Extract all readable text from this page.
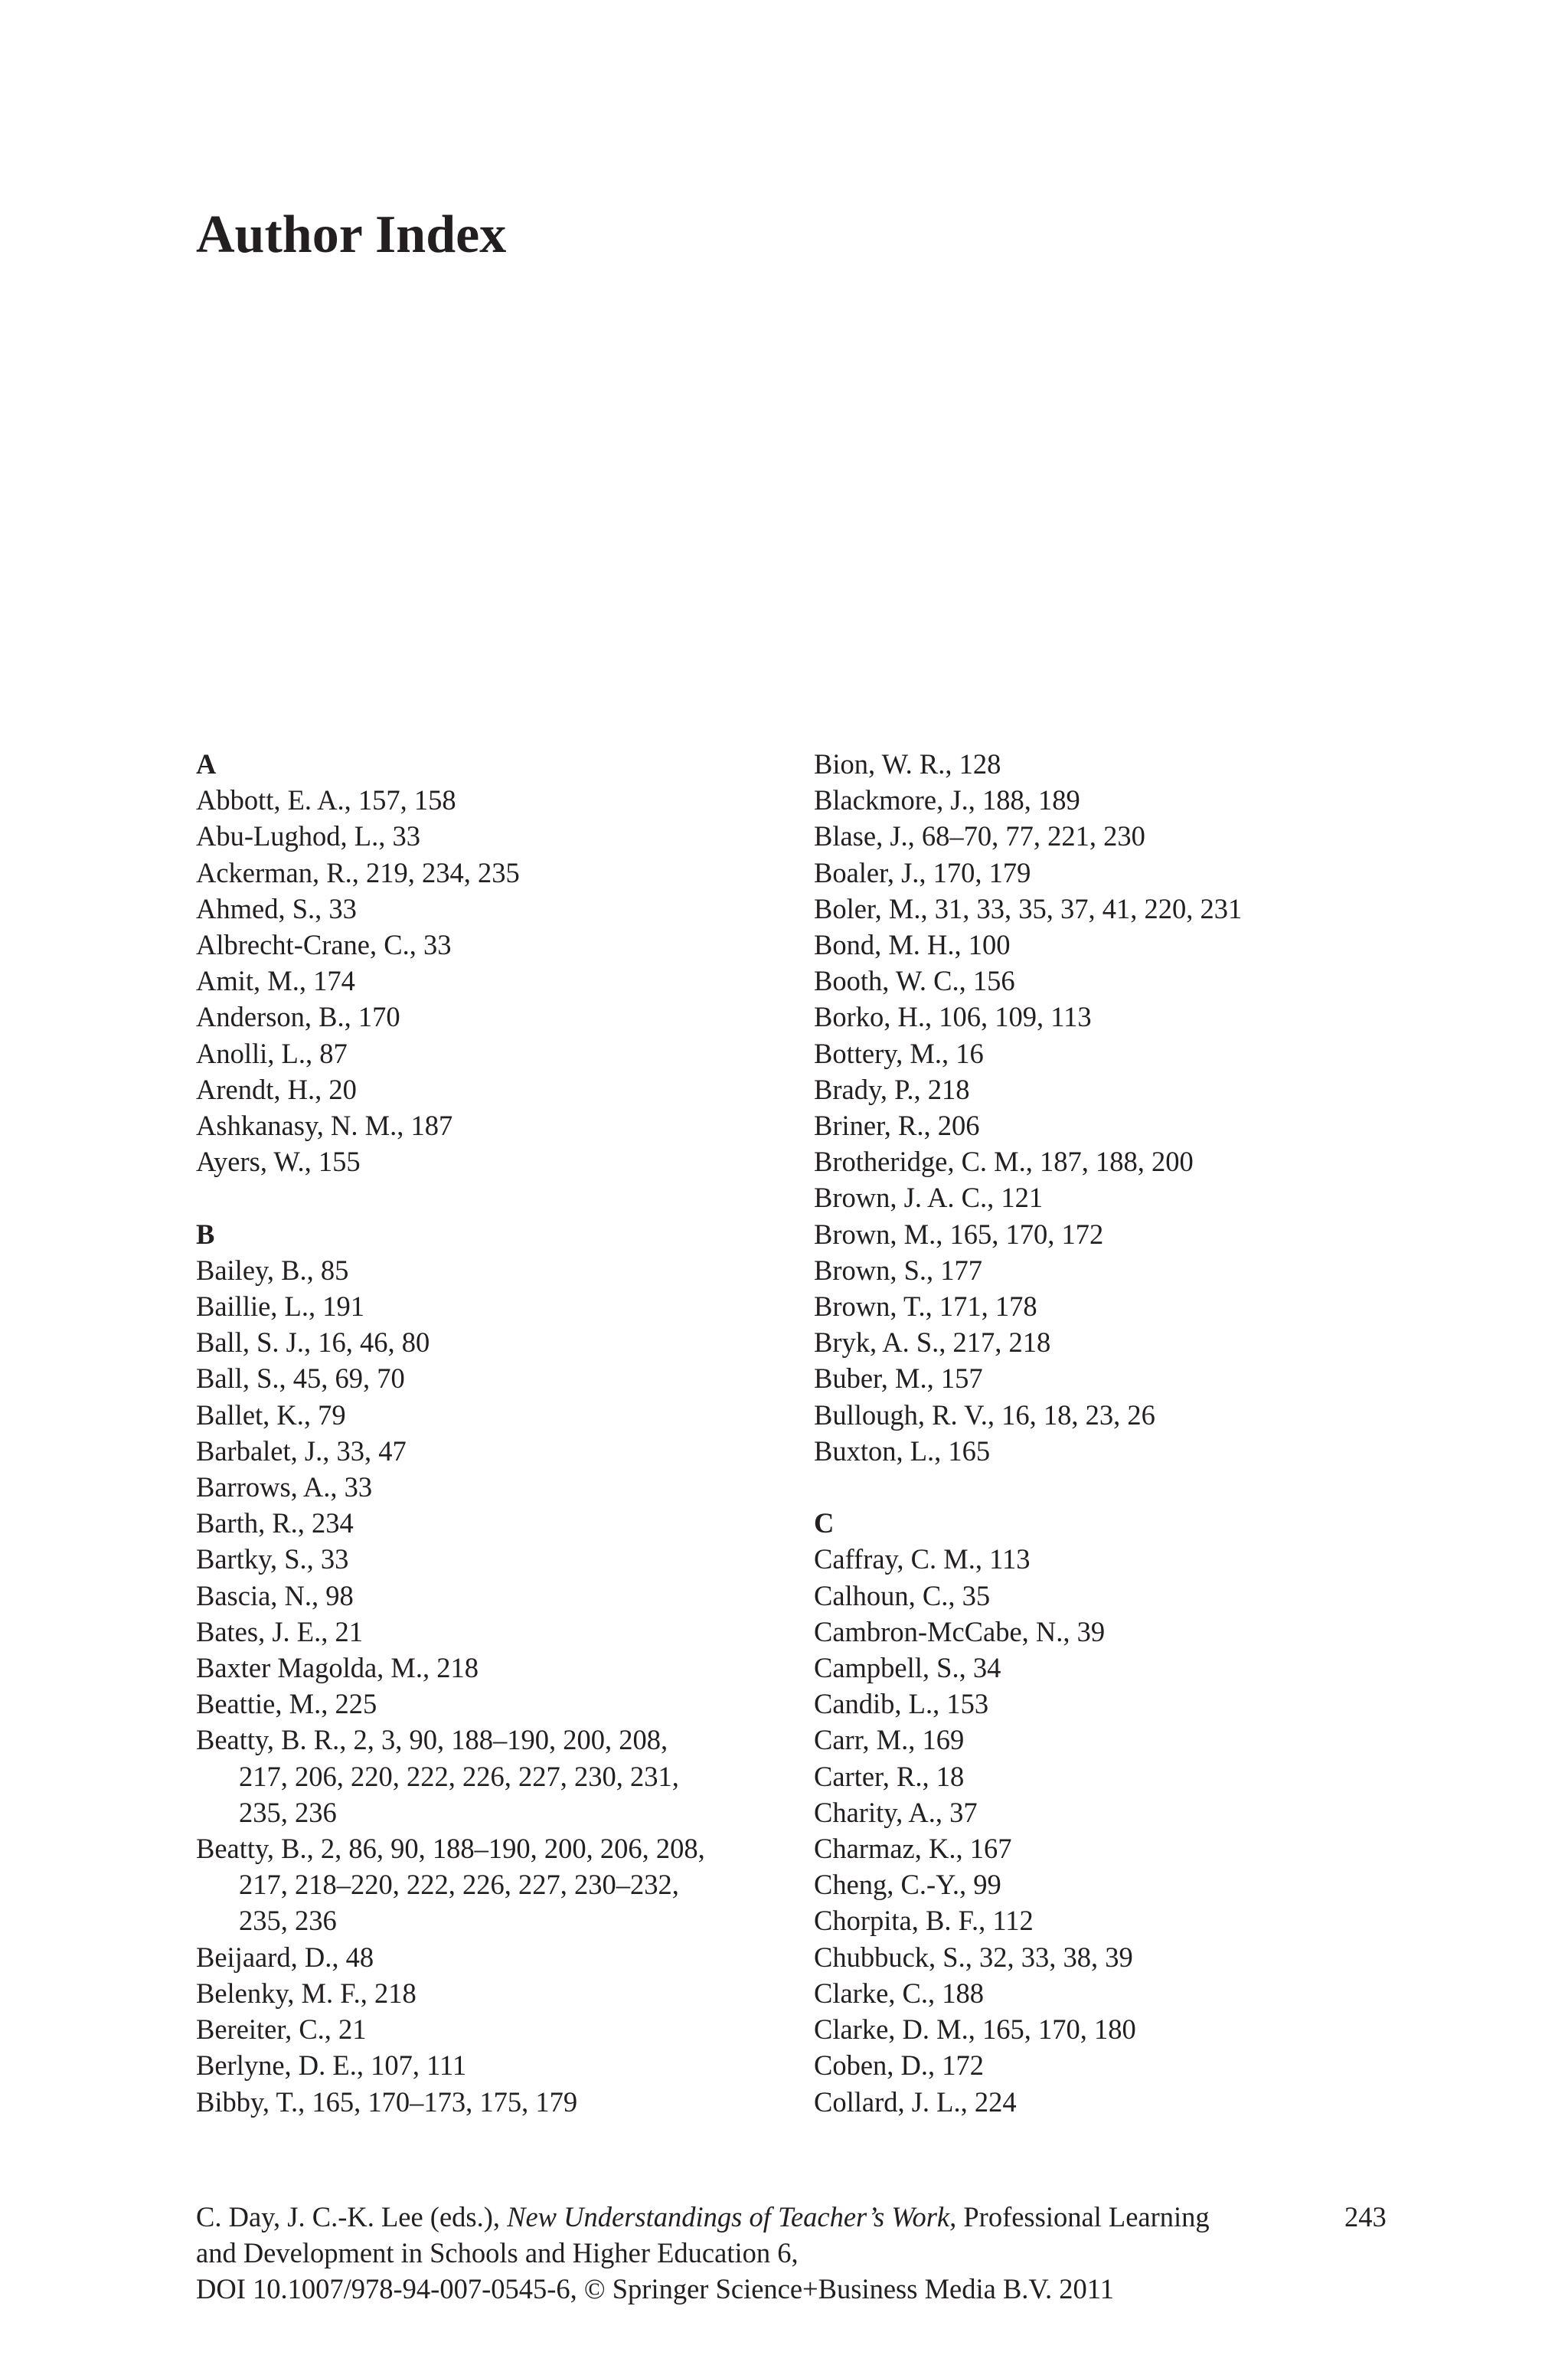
Author Index
A
Abbott, E. A., 157, 158
Abu-Lughod, L., 33
Ackerman, R., 219, 234, 235
Ahmed, S., 33
Albrecht-Crane, C., 33
Amit, M., 174
Anderson, B., 170
Anolli, L., 87
Arendt, H., 20
Ashkanasy, N. M., 187
Ayers, W., 155
B
Bailey, B., 85
Baillie, L., 191
Ball, S. J., 16, 46, 80
Ball, S., 45, 69, 70
Ballet, K., 79
Barbalet, J., 33, 47
Barrows, A., 33
Barth, R., 234
Bartky, S., 33
Bascia, N., 98
Bates, J. E., 21
Baxter Magolda, M., 218
Beattie, M., 225
Beatty, B. R., 2, 3, 90, 188–190, 200, 208,
217, 206, 220, 222, 226, 227, 230, 231,
235, 236
Beatty, B., 2, 86, 90, 188–190, 200, 206, 208,
217, 218–220, 222, 226, 227, 230–232,
235, 236
Beijaard, D., 48
Belenky, M. F., 218
Bereiter, C., 21
Berlyne, D. E., 107, 111
Bibby, T., 165, 170–173, 175, 179
Bion, W. R., 128
Blackmore, J., 188, 189
Blase, J., 68–70, 77, 221, 230
Boaler, J., 170, 179
Boler, M., 31, 33, 35, 37, 41, 220, 231
Bond, M. H., 100
Booth, W. C., 156
Borko, H., 106, 109, 113
Bottery, M., 16
Brady, P., 218
Briner, R., 206
Brotheridge, C. M., 187, 188, 200
Brown, J. A. C., 121
Brown, M., 165, 170, 172
Brown, S., 177
Brown, T., 171, 178
Bryk, A. S., 217, 218
Buber, M., 157
Bullough, R. V., 16, 18, 23, 26
Buxton, L., 165
C
Caffray, C. M., 113
Calhoun, C., 35
Cambron-McCabe, N., 39
Campbell, S., 34
Candib, L., 153
Carr, M., 169
Carter, R., 18
Charity, A., 37
Charmaz, K., 167
Cheng, C.-Y., 99
Chorpita, B. F., 112
Chubbuck, S., 32, 33, 38, 39
Clarke, C., 188
Clarke, D. M., 165, 170, 180
Coben, D., 172
Collard, J. L., 224
C. Day, J. C.-K. Lee (eds.), New Understandings of Teacher’s Work, Professional Learning
and Development in Schools and Higher Education 6,
DOI 10.1007/978-94-007-0545-6, © Springer Science+Business Media B.V. 2011
243
